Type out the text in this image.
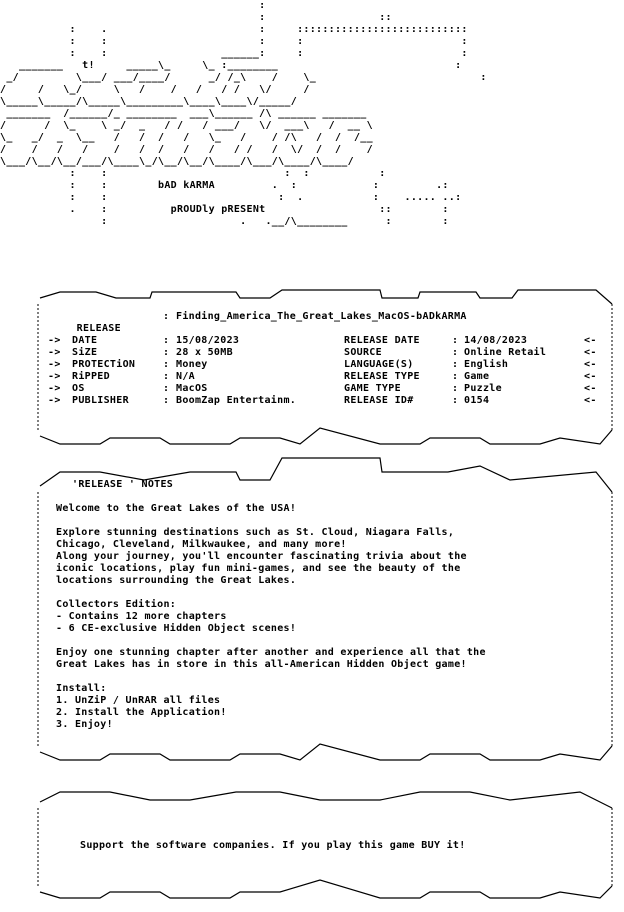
:
:                  ::
:    .                        :     :::::::::::::::::::::::::::
:    :                        :     :                         :
:    :                  ______:     :                         :
_______   t!     _____\_     \_ :________                            :
_/         \___/ ___/____/      _/ /_\    /    \_                          :
/     /   \_/     \   /    /   /   / /   \/     /
\_____\_____/\_____\_________\____\____\/_____/
_______  /______/_ ________  ___\______ /\ ______ _______
/      /  \_    \ _/  _   / /   / ___/   \/  ___\   /  __ \
\_   _/  _  \__   /   /  /   /   \_   /    / /\   /  /  /__
/    /   /   /    /   /  /   /   /   / /   /  \/  /  /    /
\___/\__/\__/___/\____\_/\__/\__/\____/\___/\____/\____/
:    :                            :  :           :
:    :        bAD kARMA         .  :            :         .:
:    :                           :  .           :    ..... ..:
.    :          pROUDly pRESENt                  ::        :
:                     .   .__/\________      :        :

RELEASE

: Finding_America_The_Great_Lakes_MacOS-bADkARMA
-> DATE	: 15/08/2023	RELEASE DATE	: 14/08/2023	<-
-> SiZE	: 28 x 50MB	SOURCE	: Online Retail	<-
-> PROTECTiON	: Money	LANGUAGE(S)	: English	<-
-> RiPPED	: N/A	RELEASE TYPE	: Game	<-
-> OS	: MacOS	GAME TYPE	: Puzzle	<-
-> PUBLISHER	: BoomZap Entertainm.	RELEASE ID#	: 0154	<-
'RELEASE ' NOTES
Welcome to the Great Lakes of the USA!
Explore stunning destinations such as St. Cloud, Niagara Falls,
Chicago, Cleveland, Milkwaukee, and many more!
Along your journey, you'll encounter fascinating trivia about the
iconic locations, play fun mini-games, and see the beauty of the
locations surrounding the Great Lakes.
Collectors Edition:
- Contains 12 more chapters
- 6 CE-exclusive Hidden Object scenes!
Enjoy one stunning chapter after another and experience all that the
Great Lakes has in store in this all-American Hidden Object game!
Install:
1. UnZiP / UnRAR all files
2. Install the Application!
3. Enjoy!
Support the software companies. If you play this game BUY it!
